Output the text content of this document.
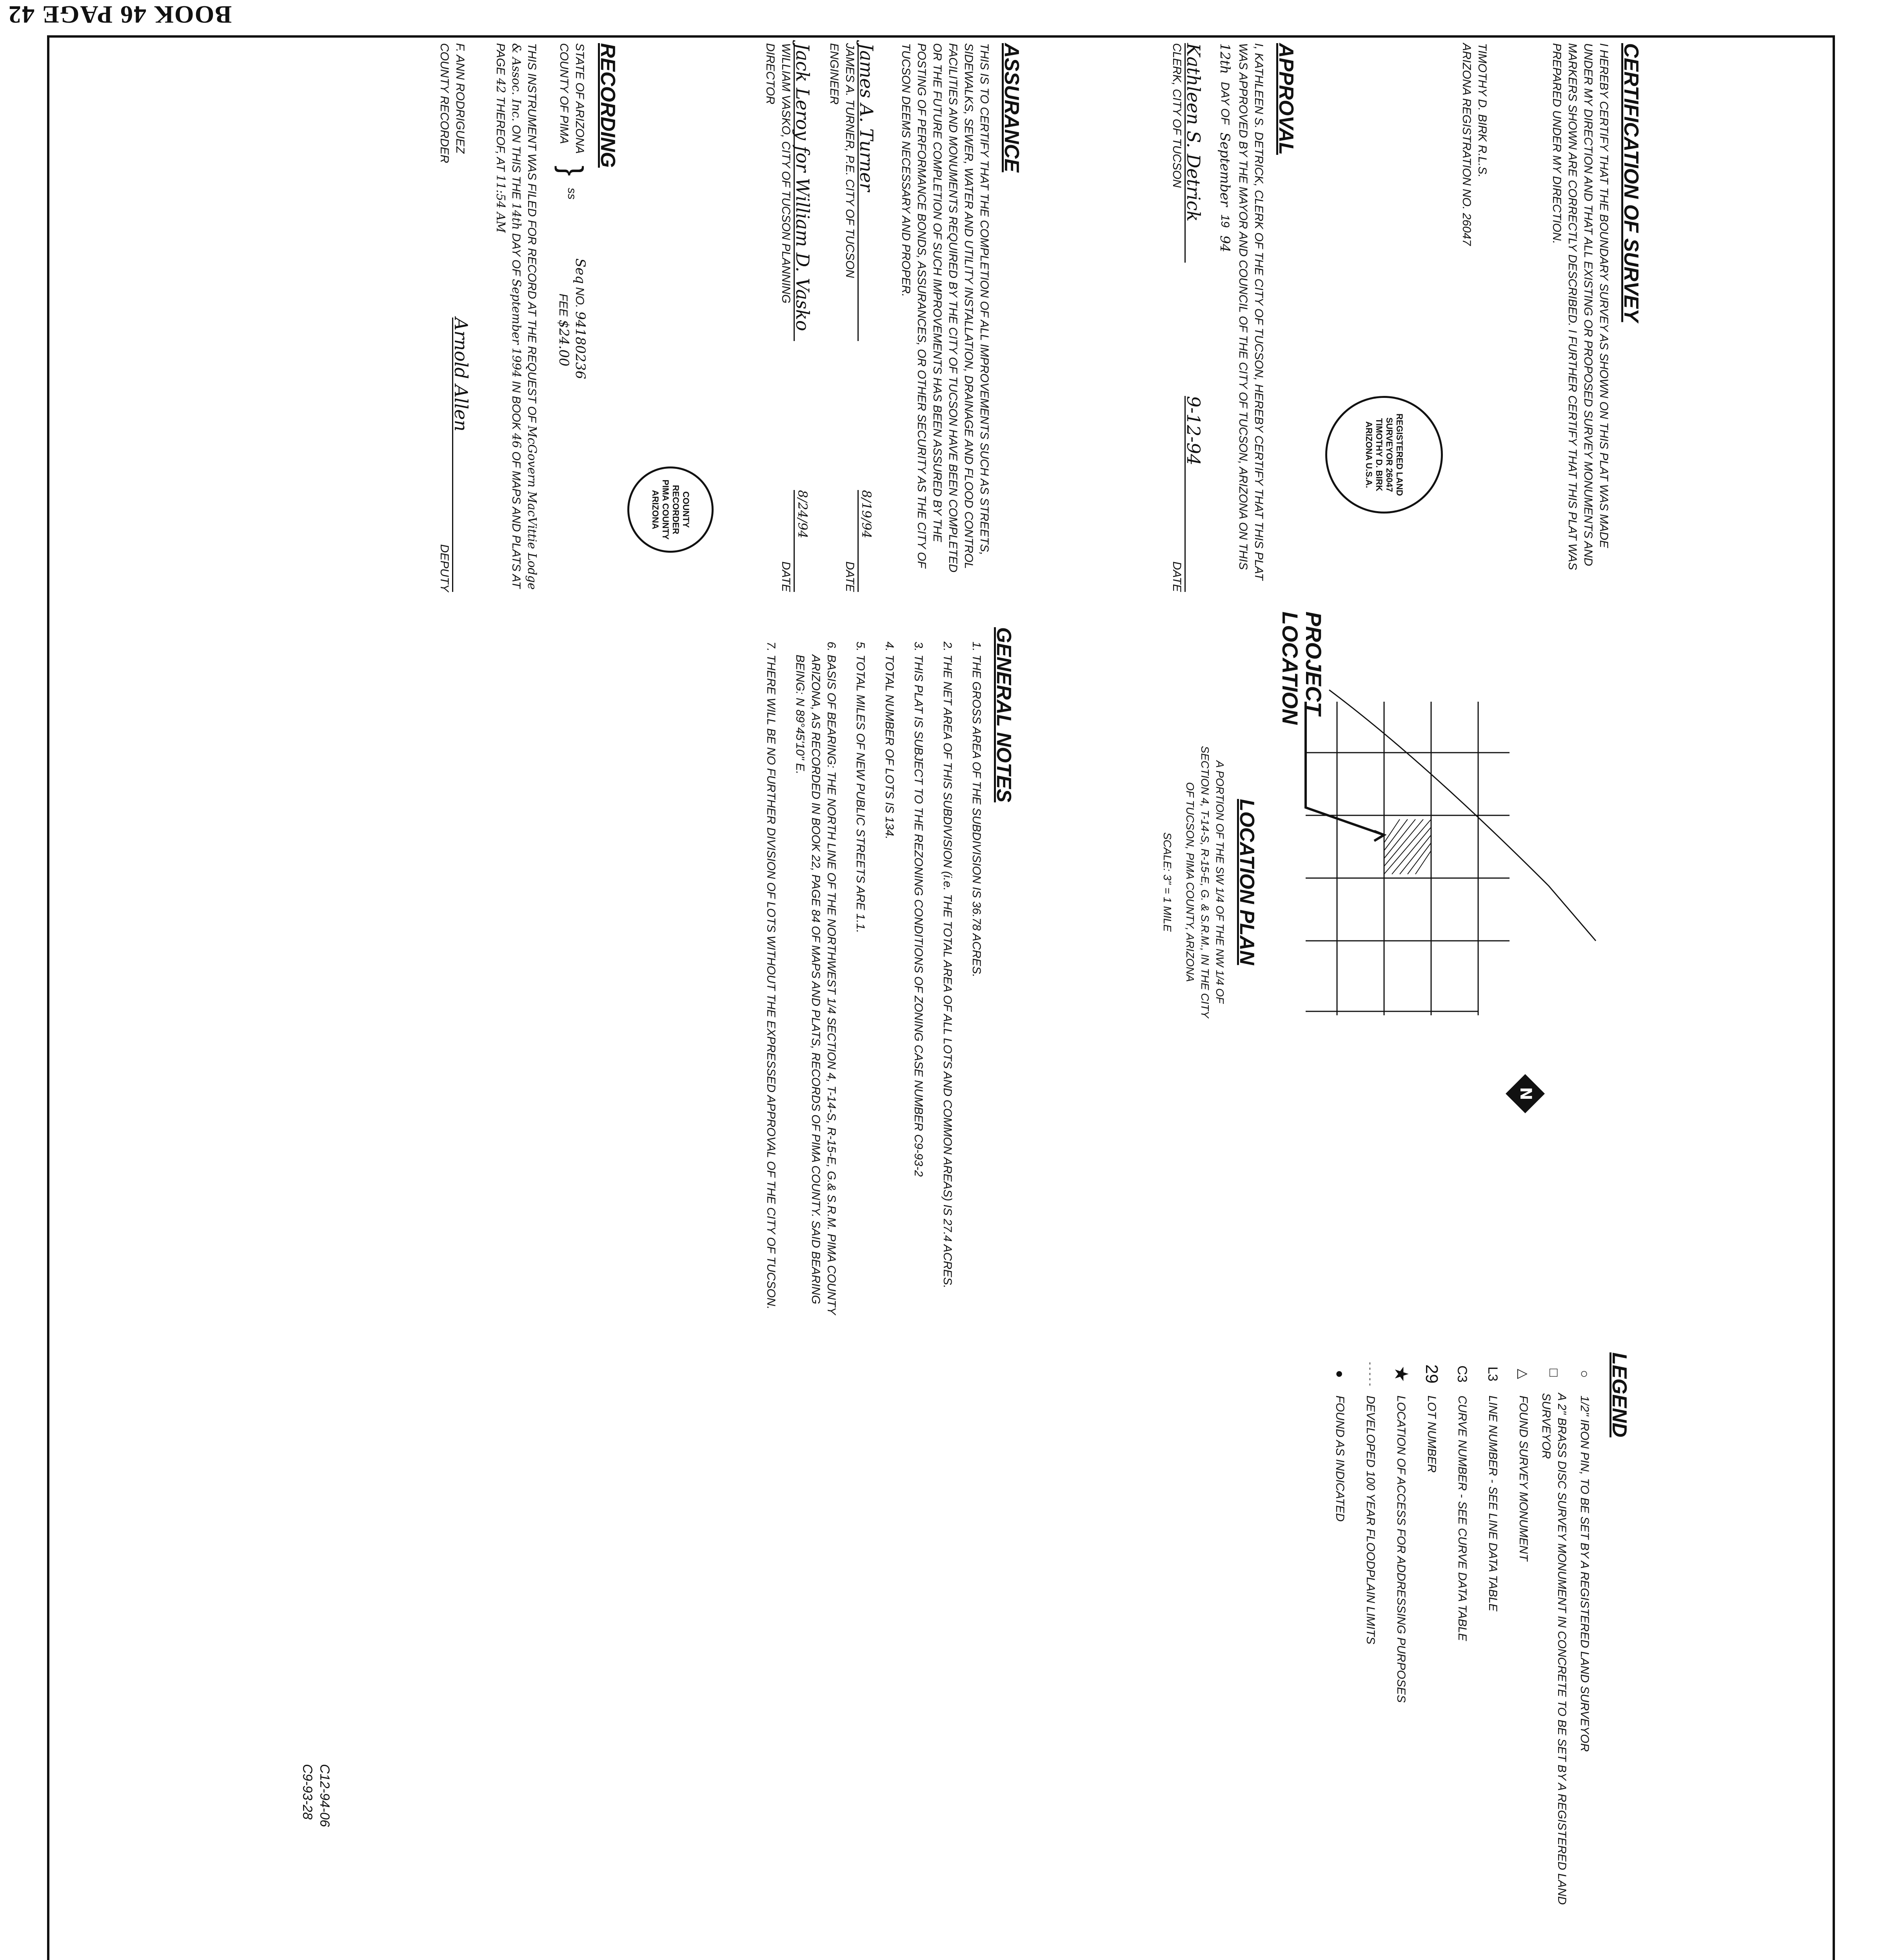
BOOK 46 PAGE 42
CERTIFICATION OF SURVEY
I HEREBY CERTIFY THAT THE BOUNDARY SURVEY AS SHOWN ON THIS PLAT WAS MADE UNDER MY DIRECTION AND THAT ALL EXISTING OR PROPOSED SURVEY MONUMENTS AND MARKERS SHOWN ARE CORRECTLY DESCRIBED. I FURTHER CERTIFY THAT THIS PLAT WAS PREPARED UNDER MY DIRECTION.
TIMOTHY D. BIRK R.L.S.
ARIZONA REGISTRATION NO. 26047
REGISTERED LAND SURVEYOR 26047 TIMOTHY D. BIRK ARIZONA U.S.A.
APPROVAL
I, KATHLEEN S. DETRICK, CLERK OF THE CITY OF TUCSON, HEREBY CERTIFY THAT THIS PLAT WAS APPROVED BY THE MAYOR AND COUNCIL OF THE CITY OF TUCSON, ARIZONA ON THIS
12th
DAY OF
September
19
94
Kathleen S. Detrick
CLERK, CITY OF TUCSON
9-12-94
DATE
ASSURANCE
THIS IS TO CERTIFY THAT THE COMPLETION OF ALL IMPROVEMENTS SUCH AS STREETS, SIDEWALKS, SEWER, WATER AND UTILITY INSTALLATION, DRAINAGE AND FLOOD CONTROL FACILITIES AND MONUMENTS REQUIRED BY THE CITY OF TUCSON HAVE BEEN COMPLETED OR THE FUTURE COMPLETION OF SUCH IMPROVEMENTS HAS BEEN ASSURED BY THE POSTING OF PERFORMANCE BONDS, ASSURANCES, OR OTHER SECURITY AS THE CITY OF TUCSON DEEMS NECESSARY AND PROPER.
James A. Turner
JAMES A. TURNER, P.E. CITY OF TUCSON ENGINEER
8/19/94
DATE
Jack Leroy for William D. Vasko
WILLIAM VASKO, CITY OF TUCSON PLANNING DIRECTOR
8/24/94
DATE
COUNTY RECORDER PIMA COUNTY ARIZONA
RECORDING
STATE OF ARIZONA
COUNTY OF PIMA
}
ss
Seq NO. 94180236
FEE $24.00
THIS INSTRUMENT WAS FILED FOR RECORD AT THE REQUEST OF McGovern MacVittie Lodge & Assoc. Inc. ON THIS THE 14th DAY OF September 1994 IN BOOK 46 OF MAPS AND PLATS AT PAGE 42 THEREOF, AT 11:54 AM
F. ANN RODRIGUEZ
COUNTY RECORDER
Arnold Allen
DEPUTY
PROJECT LOCATION
LOCATION PLAN
A PORTION OF THE SW 1/4 OF THE NW 1/4 OF SECTION 4, T-14-S, R-15-E, G. & S.R.M., IN THE CITY OF TUCSON, PIMA COUNTY, ARIZONA
SCALE: 3" = 1 MILE
N
GENERAL NOTES
1. THE GROSS AREA OF THE SUBDIVISION IS 36.78 ACRES.
2. THE NET AREA OF THIS SUBDIVISION (i.e. THE TOTAL AREA OF ALL LOTS AND COMMON AREAS) IS 27.4 ACRES.
3. THIS PLAT IS SUBJECT TO THE REZONING CONDITIONS OF ZONING CASE NUMBER C9-93-2
4. TOTAL NUMBER OF LOTS IS 134.
5. TOTAL MILES OF NEW PUBLIC STREETS ARE 1.1.
6. BASIS OF BEARING: THE NORTH LINE OF THE NORTHWEST 1/4 SECTION 4, T-14-S, R-15-E, G.& S.R.M. PIMA COUNTY ARIZONA, AS RECORDED IN BOOK 22, PAGE 84 OF MAPS AND PLATS, RECORDS OF PIMA COUNTY. SAID BEARING BEING: N 89°45'10" E.
7. THERE WILL BE NO FURTHER DIVISION OF LOTS WITHOUT THE EXPRESSED APPROVAL OF THE CITY OF TUCSON.
LEGEND
○
1/2" IRON PIN, TO BE SET BY A REGISTERED LAND SURVEYOR
□
A 2" BRASS DISC SURVEY MONUMENT IN CONCRETE TO BE SET BY A REGISTERED LAND SURVEYOR
△
FOUND SURVEY MONUMENT
L3
LINE NUMBER - SEE LINE DATA TABLE
C3
CURVE NUMBER - SEE CURVE DATA TABLE
29
LOT NUMBER
★
LOCATION OF ACCESS FOR ADDRESSING PURPOSES
- - - - -
DEVELOPED 100 YEAR FLOODPLAIN LIMITS
●
FOUND AS INDICATED

C12-94-06
C9-93-28
